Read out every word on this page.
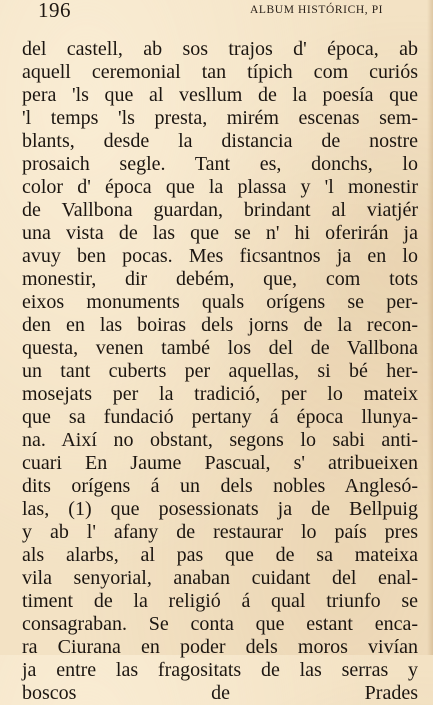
196	ALBUM HISTÓRICH, PI
del castell, ab sos trajos d' época, ab
aquell ceremonial tan típich com curiós
pera 'ls que al vesllum de la poesía que
'l temps 'ls presta, mirém escenas sem-
blants, desde la distancia de nostre
prosaich segle. Tant es, donchs, lo
color d' época que la plassa y 'l monestir
de Vallbona guardan, brindant al viatjér
una vista de las que se n' hi oferirán ja
avuy ben pocas. Mes ficsantnos ja en lo
monestir, dir debém, que, com tots
eixos monuments quals orígens se per-
den en las boiras dels jorns de la recon-
questa, venen també los del de Vallbona
un tant cuberts per aquellas, si bé her-
mosejats per la tradició, per lo mateix
que sa fundació pertany á época llunya-
na. Així no obstant, segons lo sabi anti-
cuari En Jaume Pascual, s' atribueixen
dits orígens á un dels nobles Anglesó-
las, (1) que posessionats ja de Bellpuig
y ab l' afany de restaurar lo país pres
als alarbs, al pas que de sa mateixa
vila senyorial, anaban cuidant del enal-
timent de la religió á qual triunfo se
consagraban. Se conta que estant enca-
ra Ciurana en poder dels moros vivían
ja entre las fragositats de las serras y
boscos de Prades
